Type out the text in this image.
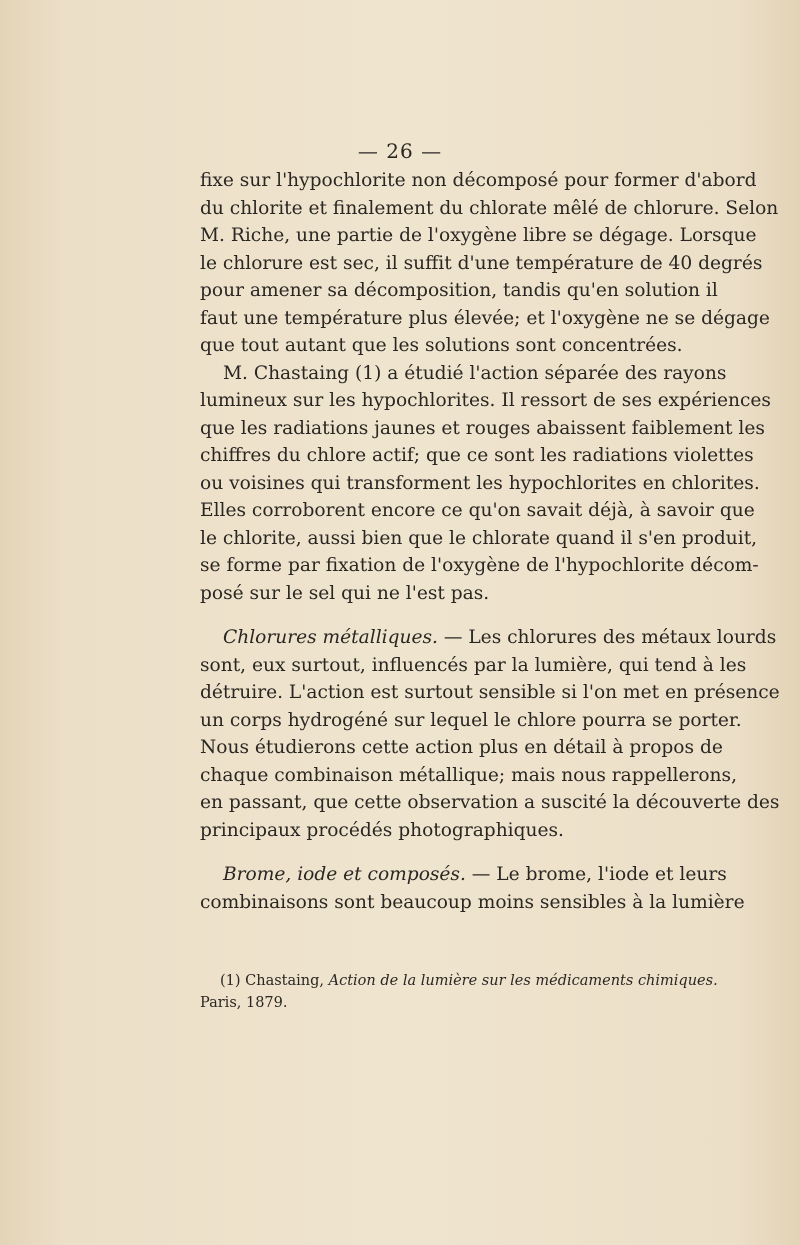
— 26 —
fixe sur l'hypochlorite non décomposé pour former d'abord
du chlorite et finalement du chlorate mêlé de chlorure. Selon
M. Riche, une partie de l'oxygène libre se dégage. Lorsque
le chlorure est sec, il suffit d'une température de 40 degrés
pour amener sa décomposition, tandis qu'en solution il
faut une température plus élevée; et l'oxygène ne se dégage
que tout autant que les solutions sont concentrées.
M. Chastaing (1) a étudié l'action séparée des rayons
lumineux sur les hypochlorites. Il ressort de ses expériences
que les radiations jaunes et rouges abaissent faiblement les
chiffres du chlore actif; que ce sont les radiations violettes
ou voisines qui transforment les hypochlorites en chlorites.
Elles corroborent encore ce qu'on savait déjà, à savoir que
le chlorite, aussi bien que le chlorate quand il s'en produit,
se forme par fixation de l'oxygène de l'hypochlorite décom-
posé sur le sel qui ne l'est pas.
Chlorures métalliques. — Les chlorures des métaux lourds
sont, eux surtout, influencés par la lumière, qui tend à les
détruire. L'action est surtout sensible si l'on met en présence
un corps hydrogéné sur lequel le chlore pourra se porter.
Nous étudierons cette action plus en détail à propos de
chaque combinaison métallique; mais nous rappellerons,
en passant, que cette observation a suscité la découverte des
principaux procédés photographiques.
Brome, iode et composés. — Le brome, l'iode et leurs
combinaisons sont beaucoup moins sensibles à la lumière
(1) Chastaing, Action de la lumière sur les médicaments chimiques.
Paris, 1879.
